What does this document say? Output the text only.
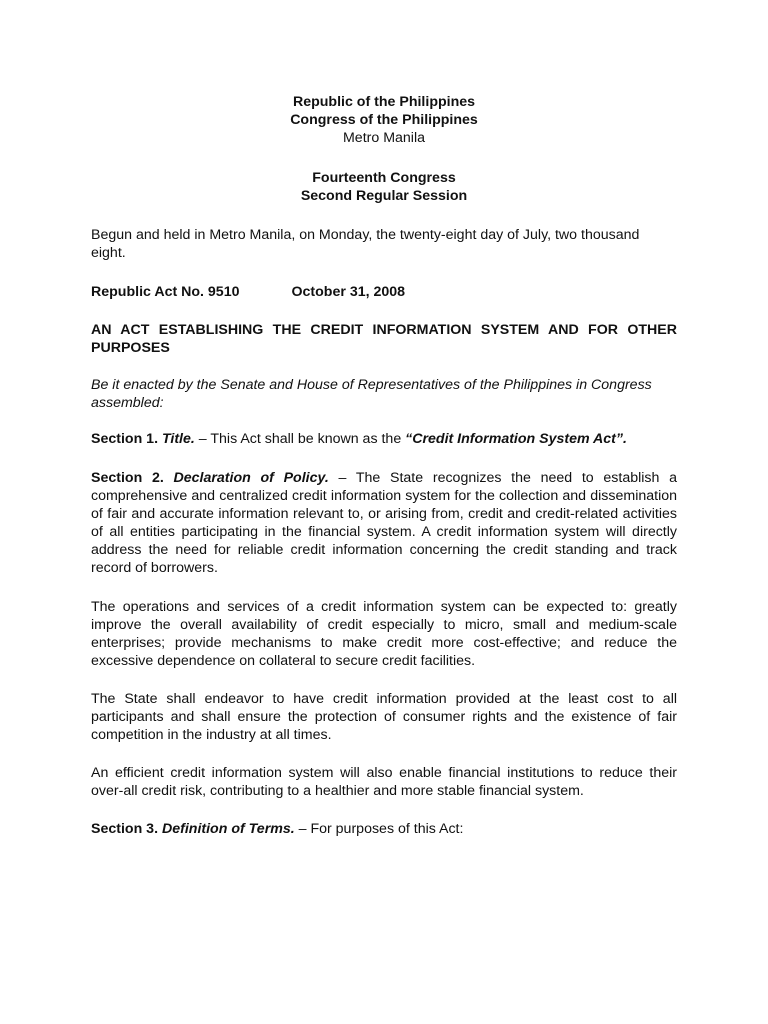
Republic of the Philippines

Congress of the Philippines

Metro Manila

Fourteenth Congress

Second Regular Session

Begun and held in Metro Manila, on Monday, the twenty-eight day of July, two thousand eight.

Republic Act No. 9510	October 31, 2008

AN ACT ESTABLISHING THE CREDIT INFORMATION SYSTEM AND FOR OTHER PURPOSES

Be it enacted by the Senate and House of Representatives of the Philippines in Congress assembled:

Section 1. Title. – This Act shall be known as the “Credit Information System Act”.

Section 2. Declaration of Policy. – The State recognizes the need to establish a comprehensive and centralized credit information system for the collection and dissemination of fair and accurate information relevant to, or arising from, credit and credit-related activities of all entities participating in the financial system. A credit information system will directly address the need for reliable credit information concerning the credit standing and track record of borrowers.

The operations and services of a credit information system can be expected to: greatly improve the overall availability of credit especially to micro, small and medium-scale enterprises; provide mechanisms to make credit more cost-effective; and reduce the excessive dependence on collateral to secure credit facilities.

The State shall endeavor to have credit information provided at the least cost to all participants and shall ensure the protection of consumer rights and the existence of fair competition in the industry at all times.

An efficient credit information system will also enable financial institutions to reduce their over-all credit risk, contributing to a healthier and more stable financial system.

Section 3. Definition of Terms. – For purposes of this Act:
